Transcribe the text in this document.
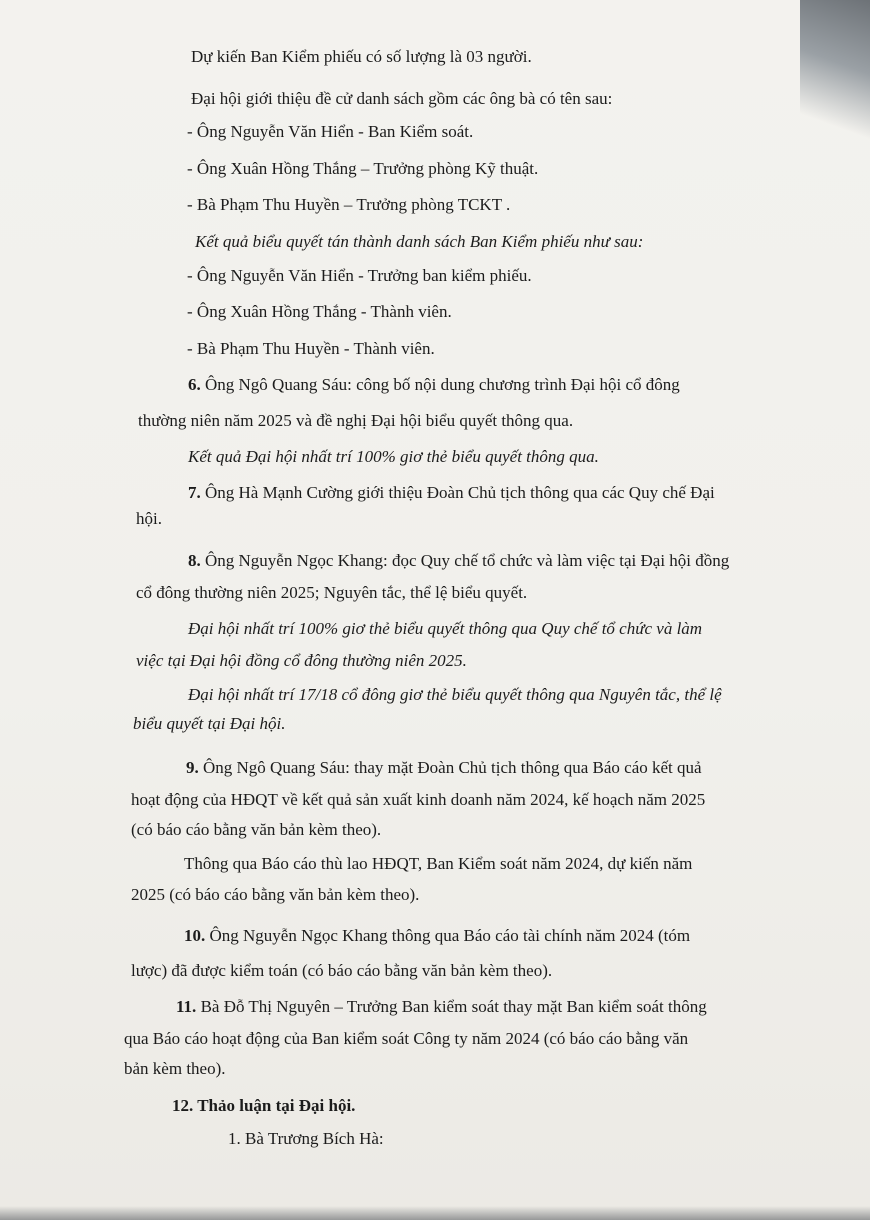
Dự kiến Ban Kiểm phiếu có số lượng là 03 người.
Đại hội giới thiệu đề cử danh sách gồm các ông bà có tên sau:
- Ông Nguyễn Văn Hiển - Ban Kiểm soát.
- Ông Xuân Hồng Thắng – Trưởng phòng Kỹ thuật.
- Bà Phạm Thu Huyền – Trưởng phòng TCKT .
Kết quả biểu quyết tán thành danh sách Ban Kiểm phiếu như sau:
- Ông Nguyễn Văn Hiển - Trưởng ban kiểm phiếu.
- Ông Xuân Hồng Thắng - Thành viên.
- Bà Phạm Thu Huyền - Thành viên.
6. Ông Ngô Quang Sáu: công bố nội dung chương trình Đại hội cổ đông
thường niên năm 2025 và đề nghị Đại hội biểu quyết thông qua.
Kết quả Đại hội nhất trí 100% giơ thẻ biểu quyết thông qua.
7. Ông Hà Mạnh Cường giới thiệu Đoàn Chủ tịch thông qua các Quy chế Đại
hội.
8. Ông Nguyễn Ngọc Khang: đọc Quy chế tổ chức và làm việc tại Đại hội đồng
cổ đông thường niên 2025; Nguyên tắc, thể lệ biểu quyết.
Đại hội nhất trí 100% giơ thẻ biểu quyết thông qua Quy chế tổ chức và làm
việc tại Đại hội đồng cổ đông thường niên 2025.
Đại hội nhất trí 17/18 cổ đông giơ thẻ biểu quyết thông qua Nguyên tắc, thể lệ
biểu quyết tại Đại hội.
9. Ông Ngô Quang Sáu: thay mặt Đoàn Chủ tịch thông qua Báo cáo kết quả
hoạt động của HĐQT về kết quả sản xuất kinh doanh năm 2024, kế hoạch năm 2025
(có báo cáo bằng văn bản kèm theo).
Thông qua Báo cáo thù lao HĐQT, Ban Kiểm soát năm 2024, dự kiến năm
2025 (có báo cáo bằng văn bản kèm theo).
10. Ông Nguyễn Ngọc Khang thông qua Báo cáo tài chính năm 2024 (tóm
lược) đã được kiểm toán (có báo cáo bằng văn bản kèm theo).
11. Bà Đỗ Thị Nguyên – Trưởng Ban kiểm soát thay mặt Ban kiểm soát thông
qua Báo cáo hoạt động của Ban kiểm soát Công ty năm 2024 (có báo cáo bằng văn
bản kèm theo).
12. Thảo luận tại Đại hội.
1. Bà Trương Bích Hà:
